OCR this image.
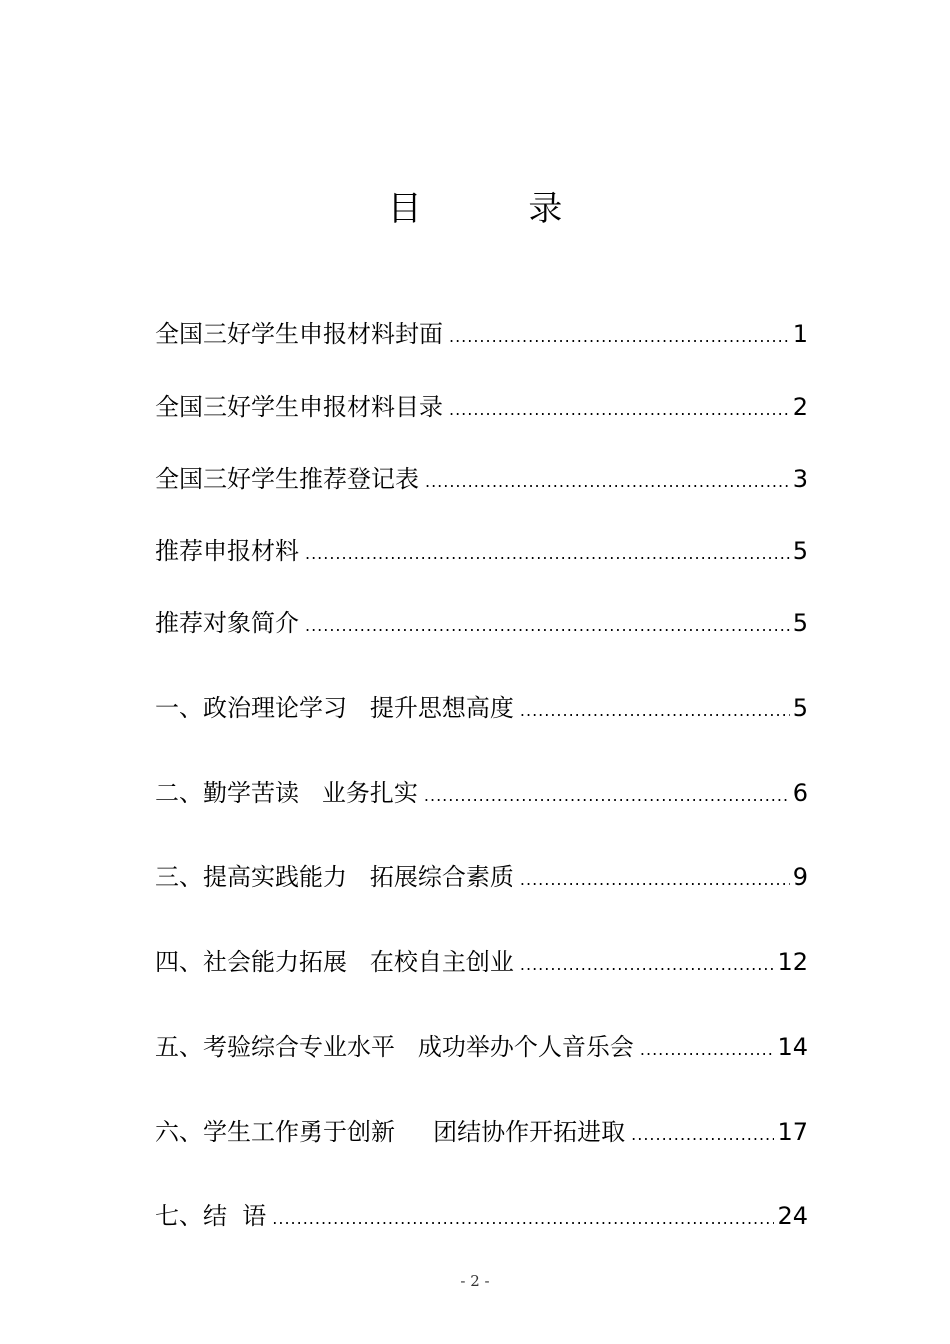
目 录
全国三好学生申报材料封面 .....	1
全国三好学生申报材料目录 .....	2
全国三好学生推荐登记表 .....	3
推荐申报材料 .....	5
推荐对象简介 .....	5
一、政治理论学习   提升思想高度 .....	5
二、勤学苦读   业务扎实 .....	6
三、提高实践能力   拓展综合素质 .....	9
四、社会能力拓展   在校自主创业 .....	12
五、考验综合专业水平   成功举办个人音乐会 .....	14
六、学生工作勇于创新     团结协作开拓进取 .....	17
七、结  语 .....	24
- 2 -
